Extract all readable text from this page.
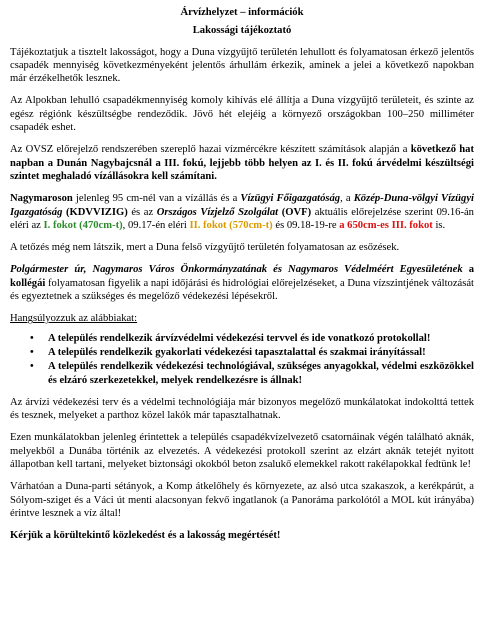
Árvízhelyzet – információk
Lakossági tájékoztató

Tájékoztatjuk a tisztelt lakosságot, hogy a Duna vízgyűjtő területén lehullott és folyamatosan érkező jelentős csapadék mennyiség következményeként jelentős árhullám érkezik, aminek a jelei a következő napokban már érzékelhetők lesznek.

Az Alpokban lehulló csapadékmennyiség komoly kihívás elé állítja a Duna vízgyűjtő területeit, és szinte az egész régiónk készültségbe rendeződik. Jövő hét elejéig a környező országokban 100–250 milliméter csapadék eshet.

Az OVSZ előrejelző rendszerében szereplő hazai vízmércékre készített számítások alapján a következő hat napban a Dunán Nagybajcsnál a III. fokú, lejjebb több helyen az I. és II. fokú árvédelmi készültségi szintet meghaladó vízállásokra kell számítani.

Nagymaroson jelenleg 95 cm-nél van a vízállás és a Vízügyi Főigazgatóság, a Közép-Duna-völgyi Vízügyi Igazgatóság (KDVVIZIG) és az Országos Vízjelző Szolgálat (OVF) aktuális előrejelzése szerint 09.16-án eléri az I. fokot (470cm-t), 09.17-én eléri II. fokot (570cm-t) és 09.18-19-re a 650cm-es III. fokot is.

A tetőzés még nem látszik, mert a Duna felső vízgyűjtő területén folyamatosan az esőzések.

Polgármester úr, Nagymaros Város Önkormányzatának és Nagymaros Védelméért Egyesületének a kollégái folyamatosan figyelik a napi időjárási és hidrológiai előrejelzéseket, a Duna vízszintjének változását és egyeztetnek a szükséges és megelőző védekezési lépésekről.

Hangsúlyozzuk az alábbiakat:

• A település rendelkezik árvízvédelmi védekezési tervvel és ide vonatkozó protokollal!
• A település rendelkezik gyakorlati védekezési tapasztalattal és szakmai irányítással!
• A település rendelkezik védekezési technológiával, szükséges anyagokkal, védelmi eszközökkel és elzáró szerkezetekkel, melyek rendelkezésre is állnak!

Az árvízi védekezési terv és a védelmi technológiája már bizonyos megelőző munkálatokat indokolttá tettek és tesznek, melyeket a parthoz közel lakók már tapasztalhatnak.

Ezen munkálatokban jelenleg érintettek a település csapadékvízelvezető csatornáinak végén található aknák, melyekből a Dunába történik az elvezetés. A védekezési protokoll szerint az elzárt aknák tetejét nyitott állapotban kell tartani, melyeket biztonsági okokból beton zsalukő elemekkel rakott rakélapokkal fedtünk le!

Várhatóan a Duna-parti sétányok, a Komp átkelőhely és környezete, az alsó utca szakaszok, a kerékpárút, a Sólyom-sziget és a Váci út menti alacsonyan fekvő ingatlanok (a Panoráma parkolótól a MOL kút irányába) érintve lesznek a víz által!

Kérjük a körültekintő közlekedést és a lakosság megértését!
